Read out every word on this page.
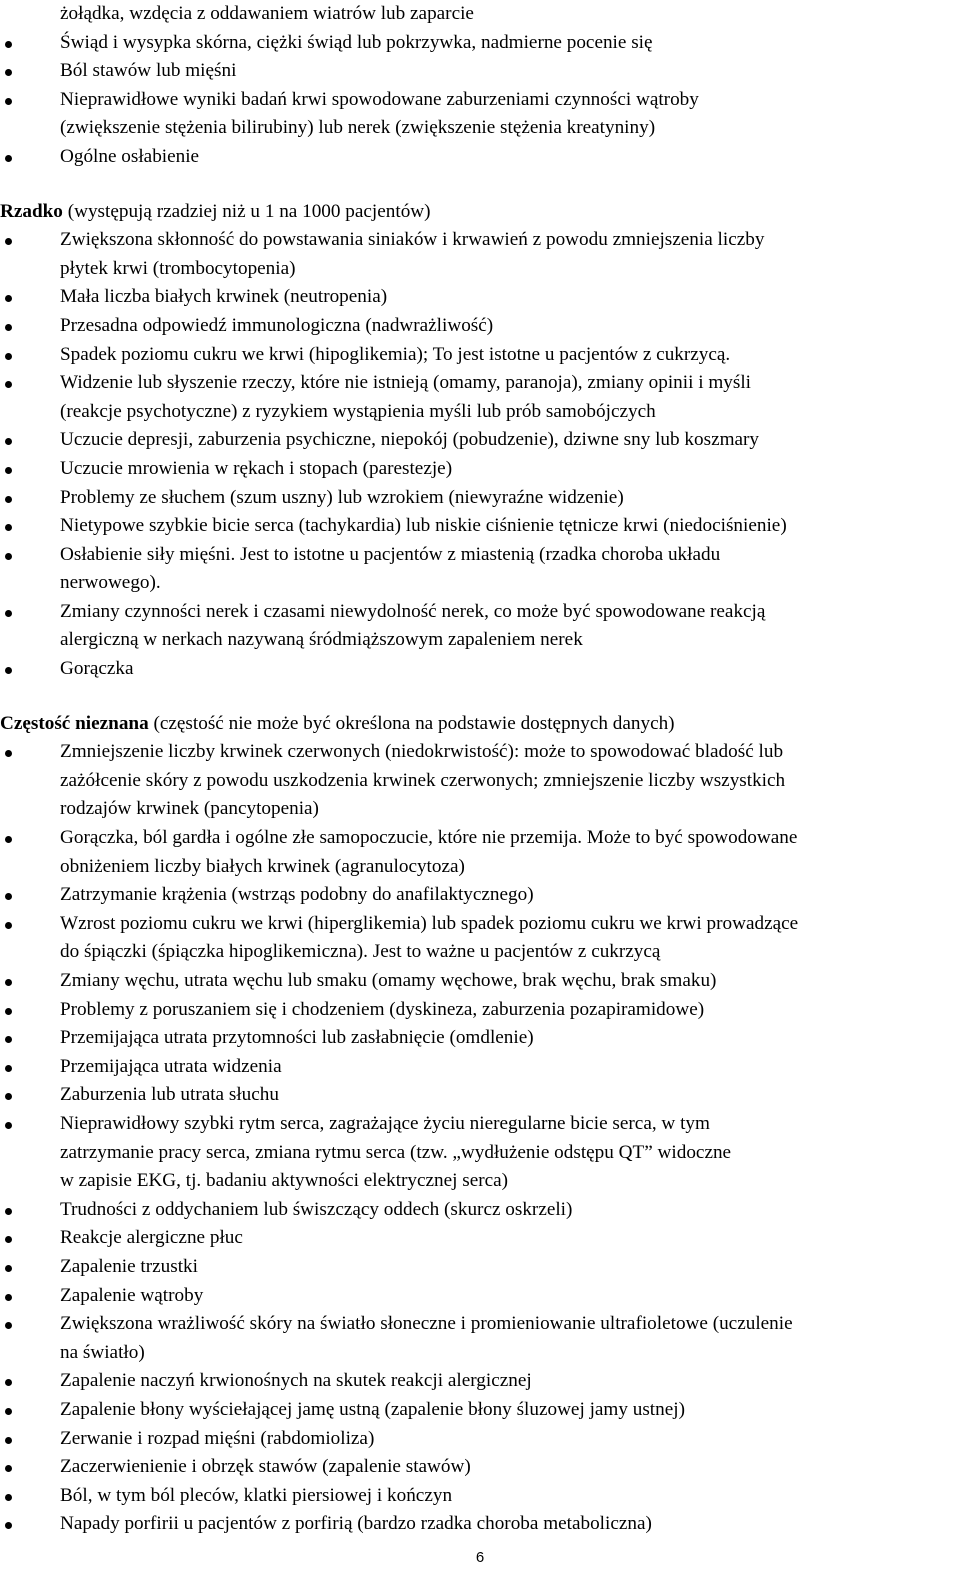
żołądka, wzdęcia z oddawaniem wiatrów lub zaparcie
Świąd i wysypka skórna, ciężki świąd lub pokrzywka, nadmierne pocenie się
Ból stawów lub mięśni
Nieprawidłowe wyniki badań krwi spowodowane zaburzeniami czynności wątroby
(zwiększenie stężenia bilirubiny) lub nerek (zwiększenie stężenia kreatyniny)
Ogólne osłabienie
Rzadko (występują rzadziej niż u 1 na 1000 pacjentów)
Zwiększona skłonność do powstawania siniaków i krwawień z powodu zmniejszenia liczby
płytek krwi (trombocytopenia)
Mała liczba białych krwinek (neutropenia)
Przesadna odpowiedź immunologiczna (nadwrażliwość)
Spadek poziomu cukru we krwi (hipoglikemia); To jest istotne u pacjentów z cukrzycą.
Widzenie lub słyszenie rzeczy, które nie istnieją (omamy, paranoja), zmiany opinii i myśli
(reakcje psychotyczne) z ryzykiem wystąpienia myśli lub prób samobójczych
Uczucie depresji, zaburzenia psychiczne, niepokój (pobudzenie), dziwne sny lub koszmary
Uczucie mrowienia w rękach i stopach (parestezje)
Problemy ze słuchem (szum uszny) lub wzrokiem (niewyraźne widzenie)
Nietypowe szybkie bicie serca (tachykardia) lub niskie ciśnienie tętnicze krwi (niedociśnienie)
Osłabienie siły mięśni. Jest to istotne u pacjentów z miastenią (rzadka choroba układu
nerwowego).
Zmiany czynności nerek i czasami niewydolność nerek, co może być spowodowane reakcją
alergiczną w nerkach nazywaną śródmiąższowym zapaleniem nerek
Gorączka
Częstość nieznana (częstość nie może być określona na podstawie dostępnych danych)
Zmniejszenie liczby krwinek czerwonych (niedokrwistość): może to spowodować bladość lub
zażółcenie skóry z powodu uszkodzenia krwinek czerwonych; zmniejszenie liczby wszystkich
rodzajów krwinek (pancytopenia)
Gorączka, ból gardła i ogólne złe samopoczucie, które nie przemija. Może to być spowodowane
obniżeniem liczby białych krwinek (agranulocytoza)
Zatrzymanie krążenia (wstrząs podobny do anafilaktycznego)
Wzrost poziomu cukru we krwi (hiperglikemia) lub spadek poziomu cukru we krwi prowadzące
do śpiączki (śpiączka hipoglikemiczna). Jest to ważne u pacjentów z cukrzycą
Zmiany węchu, utrata węchu lub smaku (omamy węchowe, brak węchu, brak smaku)
Problemy z poruszaniem się i chodzeniem (dyskineza, zaburzenia pozapiramidowe)
Przemijająca utrata przytomności lub zasłabnięcie (omdlenie)
Przemijająca utrata widzenia
Zaburzenia lub utrata słuchu
Nieprawidłowy szybki rytm serca, zagrażające życiu nieregularne bicie serca, w tym
zatrzymanie pracy serca, zmiana rytmu serca (tzw. „wydłużenie odstępu QT” widoczne
w zapisie EKG, tj. badaniu aktywności elektrycznej serca)
Trudności z oddychaniem lub świszczący oddech (skurcz oskrzeli)
Reakcje alergiczne płuc
Zapalenie trzustki
Zapalenie wątroby
Zwiększona wrażliwość skóry na światło słoneczne i promieniowanie ultrafioletowe (uczulenie
na światło)
Zapalenie naczyń krwionośnych na skutek reakcji alergicznej
Zapalenie błony wyściełającej jamę ustną (zapalenie błony śluzowej jamy ustnej)
Zerwanie i rozpad mięśni (rabdomioliza)
Zaczerwienienie i obrzęk stawów (zapalenie stawów)
Ból, w tym ból pleców, klatki piersiowej i kończyn
Napady porfirii u pacjentów z porfirią (bardzo rzadka choroba metaboliczna)
6
